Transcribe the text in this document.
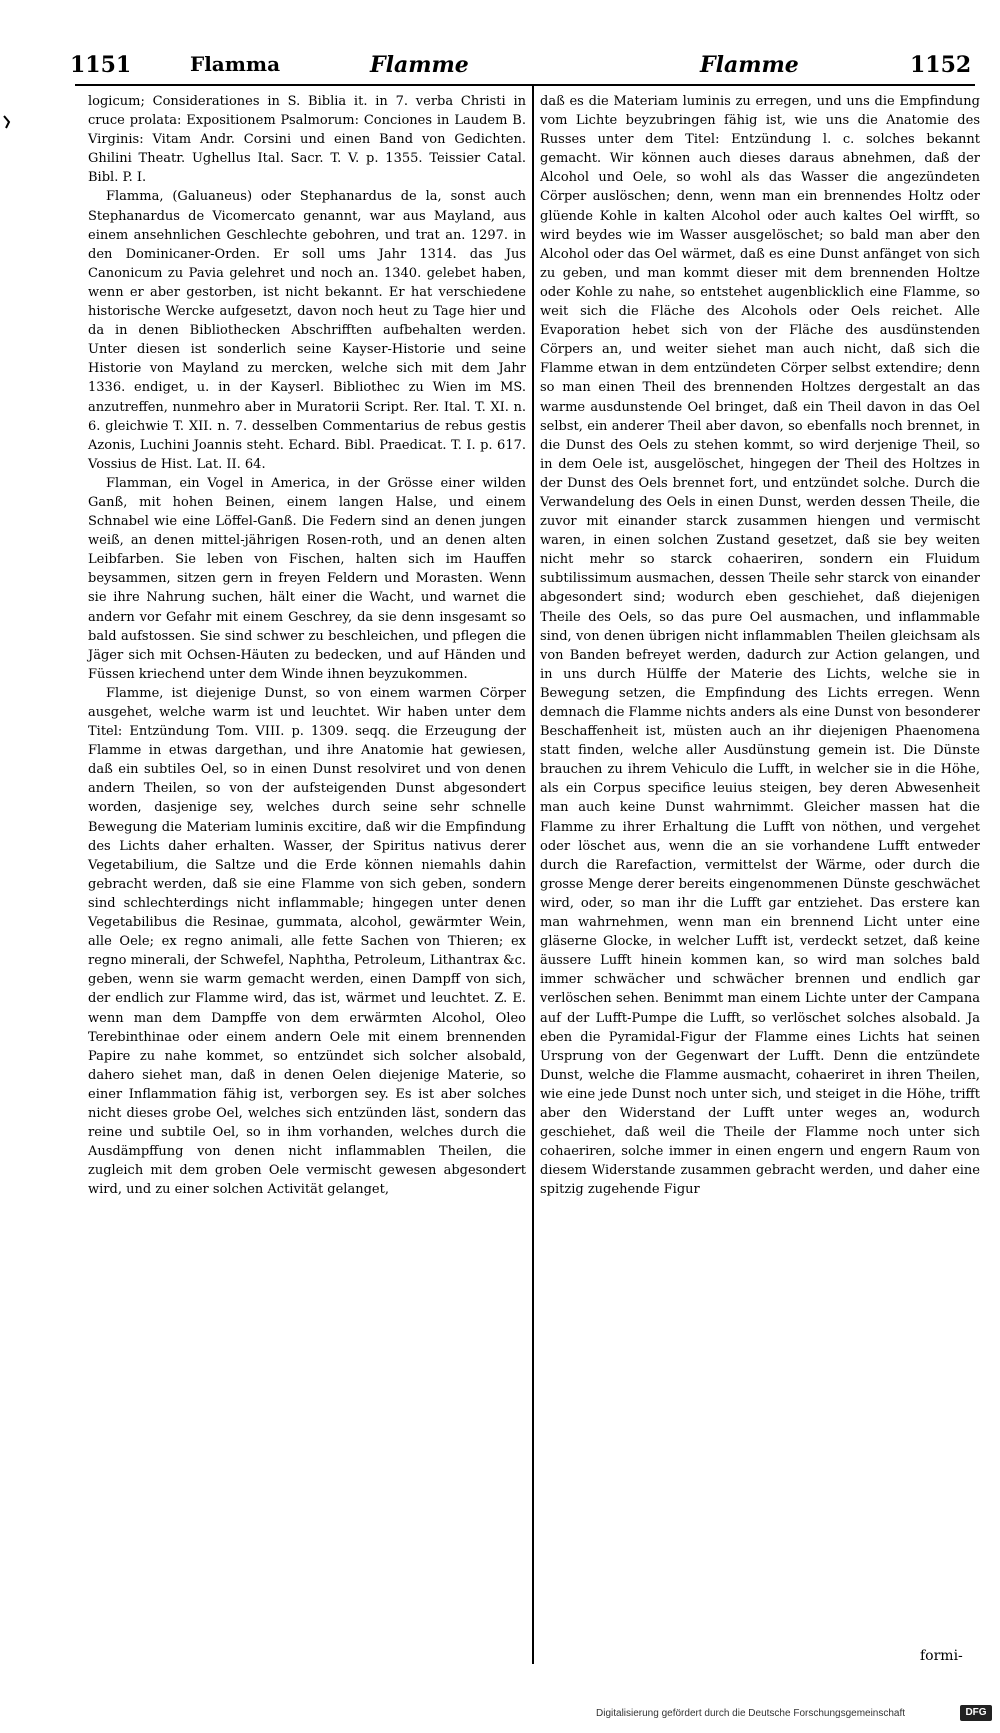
1151	Flamma	Flamme	Flamme	1152

logicum; Considerationes in S. Biblia it. in 7. verba Christi in cruce prolata: Expositionem Psalmorum: Conciones in Laudem B. Virginis: Vitam Andr. Corsini und einen Band von Gedichten. Ghilini Theatr. Ughellus Ital. Sacr. T. V. p. 1355. Teissier Catal. Bibl. P. I.

Flamma, (Galuaneus) oder Stephanardus de la, sonst auch Stephanardus de Vicomercato genannt, war aus Mayland, aus einem ansehnlichen Geschlechte gebohren, und trat an. 1297. in den Dominicaner-Orden. Er soll ums Jahr 1314. das Jus Canonicum zu Pavia gelehret und noch an. 1340. gelebet haben, wenn er aber gestorben, ist nicht bekannt. Er hat verschiedene historische Wercke aufgesetzt, davon noch heut zu Tage hier und da in denen Bibliothecken Abschrifften aufbehalten werden. Unter diesen ist sonderlich seine Kayser-Historie und seine Historie von Mayland zu mercken, welche sich mit dem Jahr 1336. endiget, u. in der Kayserl. Bibliothec zu Wien im MS. anzutreffen, nunmehro aber in Muratorii Script. Rer. Ital. T. XI. n. 6. gleichwie T. XII. n. 7. desselben Commentarius de rebus gestis Azonis, Luchini Joannis steht. Echard. Bibl. Praedicat. T. I. p. 617. Vossius de Hist. Lat. II. 64.

Flamman, ein Vogel in America, in der Grösse einer wilden Ganß, mit hohen Beinen, einem langen Halse, und einem Schnabel wie eine Löffel-Ganß. Die Federn sind an denen jungen weiß, an denen mittel-jährigen Rosen-roth, und an denen alten Leibfarben. Sie leben von Fischen, halten sich im Hauffen beysammen, sitzen gern in freyen Feldern und Morasten. Wenn sie ihre Nahrung suchen, hält einer die Wacht, und warnet die andern vor Gefahr mit einem Geschrey, da sie denn insgesamt so bald aufstossen. Sie sind schwer zu beschleichen, und pflegen die Jäger sich mit Ochsen-Häuten zu bedecken, und auf Händen und Füssen kriechend unter dem Winde ihnen beyzukommen.

Flamme, ist diejenige Dunst, so von einem warmen Cörper ausgehet, welche warm ist und leuchtet. Wir haben unter dem Titel: Entzündung Tom. VIII. p. 1309. seqq. die Erzeugung der Flamme in etwas dargethan, und ihre Anatomie hat gewiesen, daß ein subtiles Oel, so in einen Dunst resolviret und von denen andern Theilen, so von der aufsteigenden Dunst abgesondert worden, dasjenige sey, welches durch seine sehr schnelle Bewegung die Materiam luminis excitire, daß wir die Empfindung des Lichts daher erhalten. Wasser, der Spiritus nativus derer Vegetabilium, die Saltze und die Erde können niemahls dahin gebracht werden, daß sie eine Flamme von sich geben, sondern sind schlechterdings nicht inflammable; hingegen unter denen Vegetabilibus die Resinae, gummata, alcohol, gewärmter Wein, alle Oele; ex regno animali, alle fette Sachen von Thieren; ex regno minerali, der Schwefel, Naphtha, Petroleum, Lithantrax &c. geben, wenn sie warm gemacht werden, einen Dampff von sich, der endlich zur Flamme wird, das ist, wärmet und leuchtet. Z. E. wenn man dem Dampffe von dem erwärmten Alcohol, Oleo Terebinthinae oder einem andern Oele mit einem brennenden Papire zu nahe kommet, so entzündet sich solcher alsobald, dahero siehet man, daß in denen Oelen diejenige Materie, so einer Inflammation fähig ist, verborgen sey. Es ist aber solches nicht dieses grobe Oel, welches sich entzünden läst, sondern das reine und subtile Oel, so in ihm vorhanden, welches durch die Ausdämpffung von denen nicht inflammablen Theilen, die zugleich mit dem groben Oele vermischt gewesen abgesondert wird, und zu einer solchen Activität gelanget,

daß es die Materiam luminis zu erregen, und uns die Empfindung vom Lichte beyzubringen fähig ist, wie uns die Anatomie des Russes unter dem Titel: Entzündung l. c. solches bekannt gemacht. Wir können auch dieses daraus abnehmen, daß der Alcohol und Oele, so wohl als das Wasser die angezündeten Cörper auslöschen; denn, wenn man ein brennendes Holtz oder glüende Kohle in kalten Alcohol oder auch kaltes Oel wirfft, so wird beydes wie im Wasser ausgelöschet; so bald man aber den Alcohol oder das Oel wärmet, daß es eine Dunst anfänget von sich zu geben, und man kommt dieser mit dem brennenden Holtze oder Kohle zu nahe, so entstehet augenblicklich eine Flamme, so weit sich die Fläche des Alcohols oder Oels reichet. Alle Evaporation hebet sich von der Fläche des ausdünstenden Cörpers an, und weiter siehet man auch nicht, daß sich die Flamme etwan in dem entzündeten Cörper selbst extendire; denn so man einen Theil des brennenden Holtzes dergestalt an das warme ausdunstende Oel bringet, daß ein Theil davon in das Oel selbst, ein anderer Theil aber davon, so ebenfalls noch brennet, in die Dunst des Oels zu stehen kommt, so wird derjenige Theil, so in dem Oele ist, ausgelöschet, hingegen der Theil des Holtzes in der Dunst des Oels brennet fort, und entzündet solche. Durch die Verwandelung des Oels in einen Dunst, werden dessen Theile, die zuvor mit einander starck zusammen hiengen und vermischt waren, in einen solchen Zustand gesetzet, daß sie bey weiten nicht mehr so starck cohaeriren, sondern ein Fluidum subtilissimum ausmachen, dessen Theile sehr starck von einander abgesondert sind; wodurch eben geschiehet, daß diejenigen Theile des Oels, so das pure Oel ausmachen, und inflammable sind, von denen übrigen nicht inflammablen Theilen gleichsam als von Banden befreyet werden, dadurch zur Action gelangen, und in uns durch Hülffe der Materie des Lichts, welche sie in Bewegung setzen, die Empfindung des Lichts erregen. Wenn demnach die Flamme nichts anders als eine Dunst von besonderer Beschaffenheit ist, müsten auch an ihr diejenigen Phaenomena statt finden, welche aller Ausdünstung gemein ist. Die Dünste brauchen zu ihrem Vehiculo die Lufft, in welcher sie in die Höhe, als ein Corpus specifice leuius steigen, bey deren Abwesenheit man auch keine Dunst wahrnimmt. Gleicher massen hat die Flamme zu ihrer Erhaltung die Lufft von nöthen, und vergehet oder löschet aus, wenn die an sie vorhandene Lufft entweder durch die Rarefaction, vermittelst der Wärme, oder durch die grosse Menge derer bereits eingenommenen Dünste geschwächet wird, oder, so man ihr die Lufft gar entziehet. Das erstere kan man wahrnehmen, wenn man ein brennend Licht unter eine gläserne Glocke, in welcher Lufft ist, verdeckt setzet, daß keine äussere Lufft hinein kommen kan, so wird man solches bald immer schwächer und schwächer brennen und endlich gar verlöschen sehen. Benimmt man einem Lichte unter der Campana auf der Lufft-Pumpe die Lufft, so verlöschet solches alsobald. Ja eben die Pyramidal-Figur der Flamme eines Lichts hat seinen Ursprung von der Gegenwart der Lufft. Denn die entzündete Dunst, welche die Flamme ausmacht, cohaeriret in ihren Theilen, wie eine jede Dunst noch unter sich, und steiget in die Höhe, trifft aber den Widerstand der Lufft unter weges an, wodurch geschiehet, daß weil die Theile der Flamme noch unter sich cohaeriren, solche immer in einen engern und engern Raum von diesem Widerstande zusammen gebracht werden, und daher eine spitzig zugehende Figur

formi-
Digitalisierung gefördert durch die Deutsche Forschungsgemeinschaft	DFG
